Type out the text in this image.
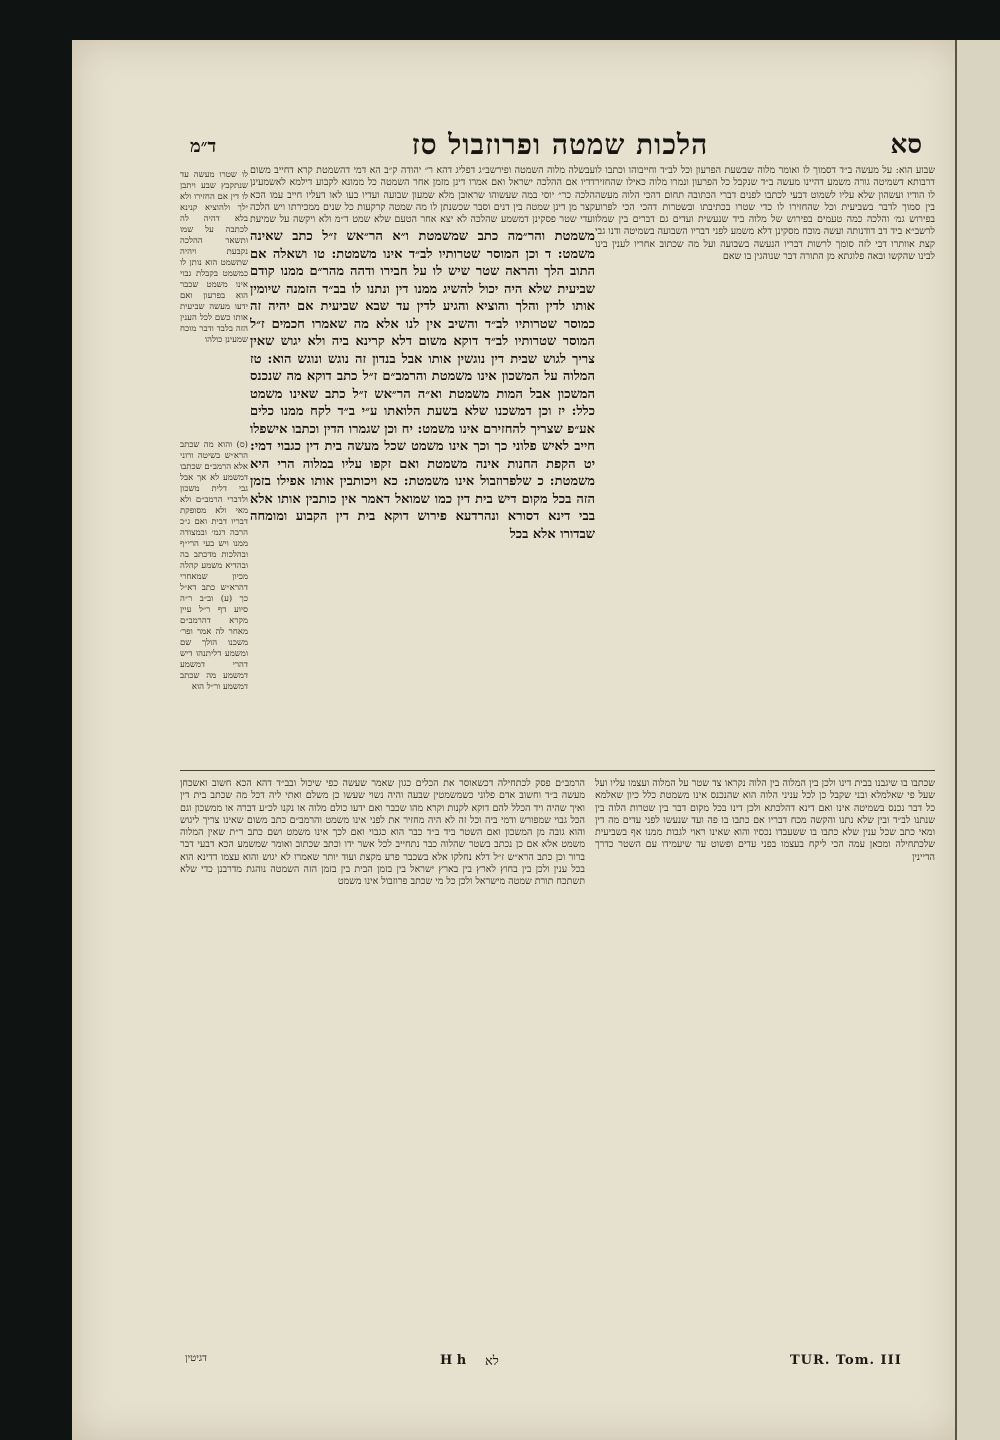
סא
הלכות שמטה ופרוזבול סז
ד״מ
שבוע הוא: על מעשה ב״ד דסמוך לו ואומר מלוה שבשעת הפרעון וכל לב״ד וחייבוהו וכתבו לו דרבותא דשמיטה גורה משמע דהיינו מעשה ב״ד שנקבל כל הפרעון ונמרו מלוה כאילו שהחזיר לו הודיו ועשהון שלא עליו לשמוט דבעי לכתבו לפנים דברי הכתובה תחום דהכי הלוה מעשה בין סמוך לדבר בשביעית וכל שהחזירו לו כדי שטרו בכתיבתו ובשטרות דהכי הכי לפרוע בפירוש גמ׳ והלכה כמה טעמים בפירוש של מלוה ביד שנעשית ועדים גם דברים בין שמלו לרשב״א ביד דב דודנותה ועשה מוכח מסקינן דלא משמע לפני דבריו השבועה בשמיטה ודנו גבי קצת אוותרו דבי לזה סומך לרשות דבריו הנעשה בשבועה ועל מה שכתוב אחריו לענין בינו לבינו שהקשו ובאה פלוגתא מן התורה דבר שנוהגין בו שאם
עבשלה מלוה השמטה ופירשב״ג דפליג דהא ר״ יהודה ק״ב הא דמי דהשמטת קרא דחייב משום דדיו אם ההלכה ישראל ואם אמרו דינן מזמן אחר השמטה כל ממונא לקבוע דילמא לאשמעינן הלכה כר״ יוסי במה שעשוהו שראובן מלא שמעון שבועה ועדיו בעו לאו דעליו חייב עמו הכא קצר מן דינן שמטה בין דנים וסבר שכשנתן לו מה שמטה קרקעות כל שנים ממכירתו ויש הלכה ועדי שטר פסקינן דמשמע שהלכה לא יצא אחר הטעם שלא שמט ד״מ ולא ויקשה על שמיעת
משמטת והר״מה כתב שמשמטת ו״א הר״אש ז״ל כתב שאינה משמט: ד וכן המוסר שטרותיו לב״ד אינו משמטת: טו ושאלה אם התוב הלך והראה שטר שיש לו על חבירו ודהה מהר״ם ממנו קודם שביעית שלא היה יכול להשיג ממנו דין ונתנו לו בב״ד הזמנה שיומין אותו לדין והלך והוציא והגיע לדין עד שבא שביעית אם יהיה זה כמוסר שטרותיו לב״ד והשיב אין לנו אלא מה שאמרו חכמים ז״ל המוסר שטרותיו לב״ד דוקא משום דלא קרינא ביה ולא יגוש שאין צריך לגוש שבית דין נוגשין אותו אבל בנדון זה נוגש ונוגש הוא: טז המלוה על המשכון אינו משמטת והרמב״ם ז״ל כתב דוקא מה שנכנס המשכון אבל המות משמטת וא״ה הר״אש ז״ל כתב שאינו משמט כלל: יז וכן דמשכנו שלא בשעת הלואתו ע״י ב״ד לקח ממנו כלים אע״פ שצריך להחזירם אינו משמט: יח וכן שגמרו הדין וכתבו אישפלו חייב לאיש פלוני כך וכך אינו משמט שכל מעשה בית דין כגבוי דמי: יט הקפת החנות אינה משמטת ואם זקפו עליו במלוה הרי היא משמטת: כ שלפרוזבול אינו משמטת: כא ויכותבין אותו אפילו בזמן הזה בכל מקום דיש בית דין כמו שמואל דאמר אין כותבין אותו אלא בבי דינא דסורא ונהרדעא פירוש דוקא בית דין הקבוע ומומחה שבדורו אלא בכל
לו שטרו מעשה עד שנתקבץ שבע ויתבן לו דין אם החזירו ולא ילך ולהוציא קנינא בלא דהיה לה לכתבה על שמו ותשאר ההלכה נקבעת ויהיה שתשמט הוא נותן לו כמשמט בקבלת גבוי אינו משמט שכבר הוא בפרעון ואם ידעו מעשה שביעית אותו כשם לכל הענין הזה בלבד ודבר מוכח שמעינן כולהו
(ס) והוא מה שכתב הרא״ש בשיטה ורוני אלא הרמב״ם שכתבו דמשמע לא אך אבל גבי דלית משכון ולדברי הרמב״ם ולא מאי ולא מסופקת דבריו דבית ואם ג״כ הרבה דגמ׳ ובמצודה ממנו ויש בעי הרי״ף ובהלכות מדכתב בה ובהדיא משמע קהלה מכיון שמאחרי דהרא״ש כתב דא״ל כך (ע) וב״ב ר״ה סיוע דף ר״ל עיין מקרא דהרמב״ם מאחר לה אמר ופר׳ משכנו הולך שם ומשמע דליתנהו דיש דהרי דמשמע דמשמע מה שכתב דמשמע ור״ל הוא
שכתבו בו שיגבנו בבית דינו ולכן בין המלוה בין הלוה נקראו צד שטר על המלוה ועצמו עליו ועל שעל פי שאלמלא ובני שקבל כן לכל עניני הלוה הוא שהנכנס אינו משמטת כלל כיון שאלמא כל דבר נכנס בשמיטה אינו ואם דינא דהלכתא ולכן דינו בכל מקום דבר בין שטרות הלוה בין שנתנו לב״ד ובין שלא נתנו והקשה מכח דבריו אם כתבו בו פה ועד שנעשו לפני עדים מה דין ומאי כתב שכל ענין שלא כתבו בו ששעבדו נכסיו והוא שאינו ראוי לגבות ממנו אף בשביעית שלכתחילה ומכאן עמה הכי ליקח בעצמו בפני עדים ופשוט עד שיעמידו עם השטר כדרך הדיינין
הרמב״ם פסק לכתחילה דכשאוסר את הכלים כגון שאמר שעשה כפי שיכול ובב״ד דהא הכא חשוב ואשכחן מעשה ב״ד וחשוב אדם פלוני כשמשמטין שבעה והיה נשוי שעשו כן משלם ואתי ליה דכל מה שכתב בית דין ואיך שהיה ויד הכלל להם דוקא לקנות וקרא מהו שכבר ואם ידעו כולם מלוה או נקנו לכ״ע דברה או ממשכון וגם הכל גבוי שמפורש ודמי ביה וכל זה לא היה מחזיר את לפני אינו משמט והרמב״ם כתב משום שאינו צריך ליגוש והוא גובה מן המשכון ואם השטר ביד ב״ד כבר הוא כגבוי ואם לכך אינו משמט ושם כתב ר״ת שאין המלוה משמט אלא אם כן נכתב בשטר שהלוה כבר נתחייב לכל אשר ידו וכתב שכתוב ואומר שמשמע הכא דבעי דבר ברור וכן כתב הרא״ש ז״ל דלא נחלקו אלא בשכבר פרע מקצת ועוד יותר שאמרו לא יגוש והוא עצמו דדינא הוא בכל ענין ולכן בין בחוץ לארץ בין בארץ ישראל בין בזמן הבית בין בזמן הזה השמטה נוהגת מדרבנן כדי שלא תשתכח תורת שמטה מישראל ולכן כל מי שכתב פרוזבול אינו משמט
TUR. Tom. III
H h לא
דגיטין
